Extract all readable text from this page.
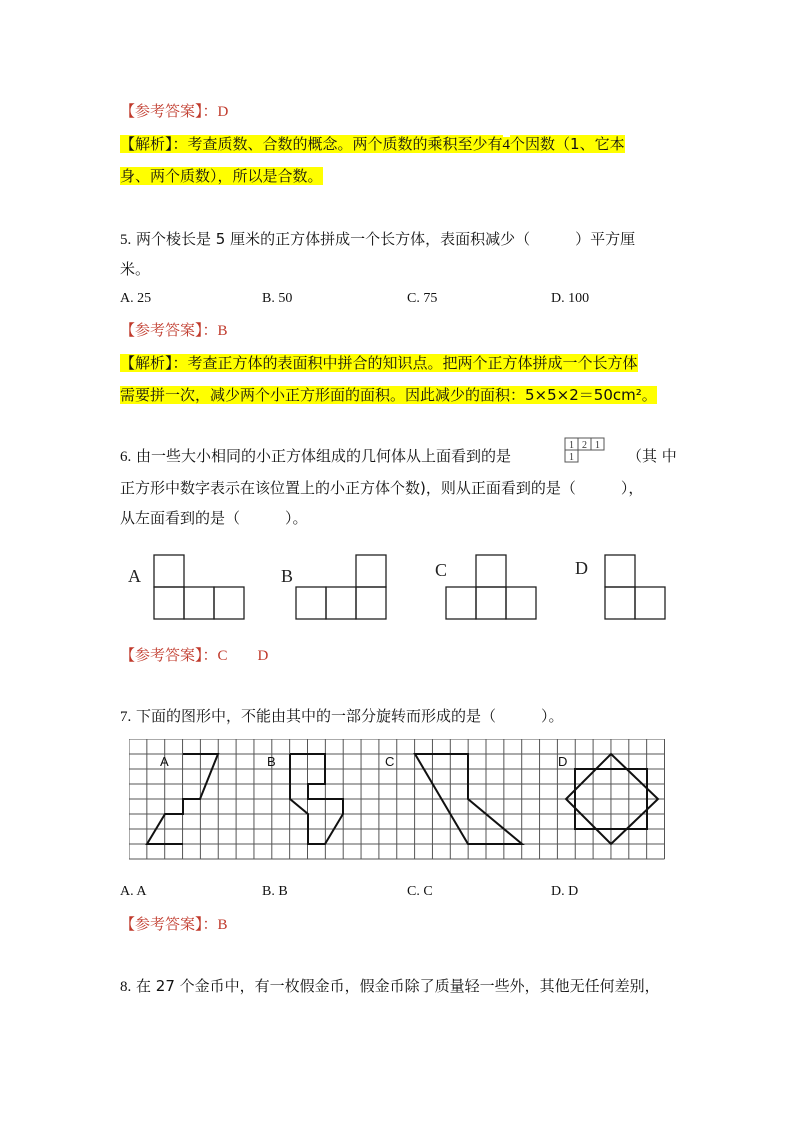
【参考答案】：D
【解析】：考查质数、合数的概念。两个质数的乘积至少有4个因数（1、它本
身、两个质数），所以是合数。
5. 两个棱长是 5 厘米的正方体拼成一个长方体，表面积减少（　　　）平方厘
米。
A. 25	B. 50	C. 75	D. 100
【参考答案】：B
【解析】：考查正方体的表面积中拼合的知识点。把两个正方体拼成一个长方体
需要拼一次，减少两个小正方形面的面积。因此减少的面积：5×5×2＝50cm²。
6. 由一些大小相同的小正方体组成的几何体从上面看到的是
1 2 1
1	（其 中
正方形中数字表示在该位置上的小正方体个数)，则从正面看到的是（　　　），
从左面看到的是（　　　）。
A	B	C	D
【参考答案】：C　　D
7. 下面的图形中，不能由其中的一部分旋转而形成的是（　　　）。
A	B	C	D
A. A	B. B	C. C	D. D
【参考答案】：B
8. 在 27 个金币中，有一枚假金币，假金币除了质量轻一些外，其他无任何差别，
